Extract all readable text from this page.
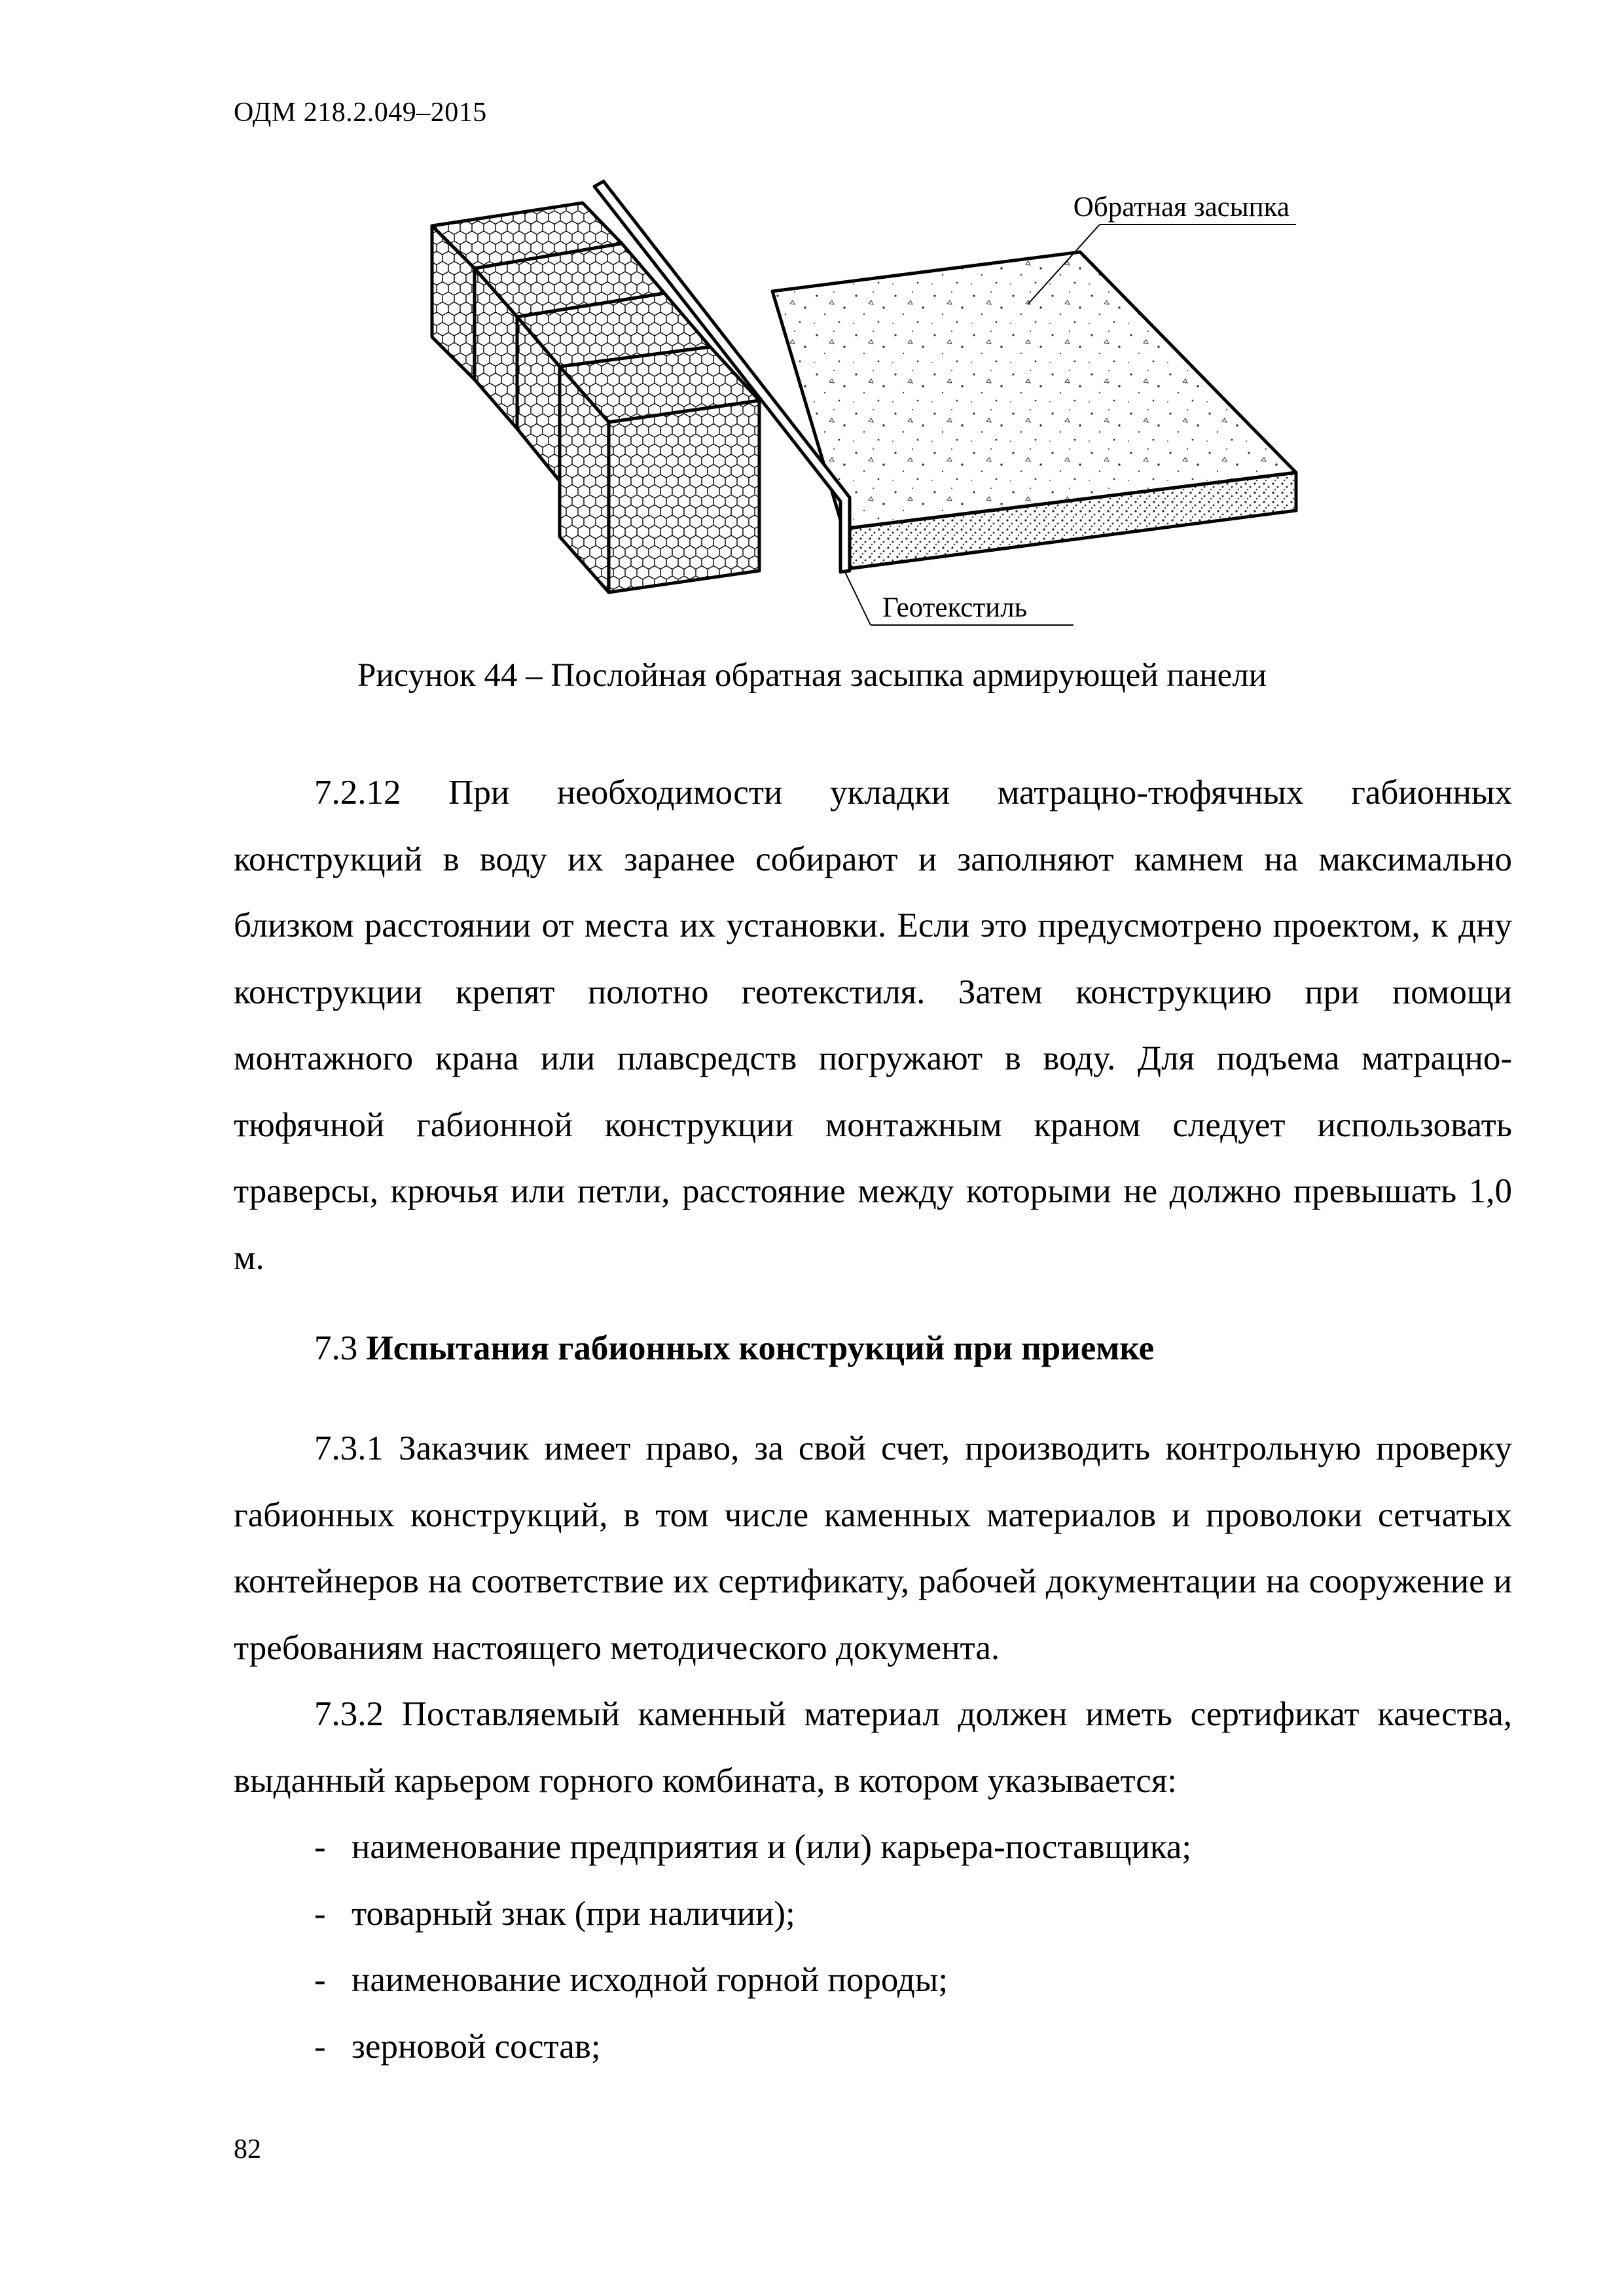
ОДМ 218.2.049–2015
Обратная засыпка
Геотекстиль
Рисунок 44 – Послойная обратная засыпка армирующей панели

7.2.12 При необходимости укладки матрацно-тюфячных габионных конструкций в воду их заранее собирают и заполняют камнем на максимально близком расстоянии от места их установки. Если это предусмотрено проектом, к дну конструкции крепят полотно геотекстиля. Затем конструкцию при помощи монтажного крана или плавсредств погружают в воду. Для подъема матрацно-тюфячной габионной конструкции монтажным краном следует использовать траверсы, крючья или петли, расстояние между которыми не должно превышать 1,0 м.

7.3 Испытания габионных конструкций при приемке

7.3.1 Заказчик имеет право, за свой счет, производить контрольную проверку габионных конструкций, в том числе каменных материалов и проволоки сетчатых контейнеров на соответствие их сертификату, рабочей документации на сооружение и требованиям настоящего методического документа.

7.3.2 Поставляемый каменный материал должен иметь сертификат качества, выданный карьером горного комбината, в котором указывается:

- наименование предприятия и (или) карьера-поставщика;

- товарный знак (при наличии);

- наименование исходной горной породы;

- зерновой состав;

82
